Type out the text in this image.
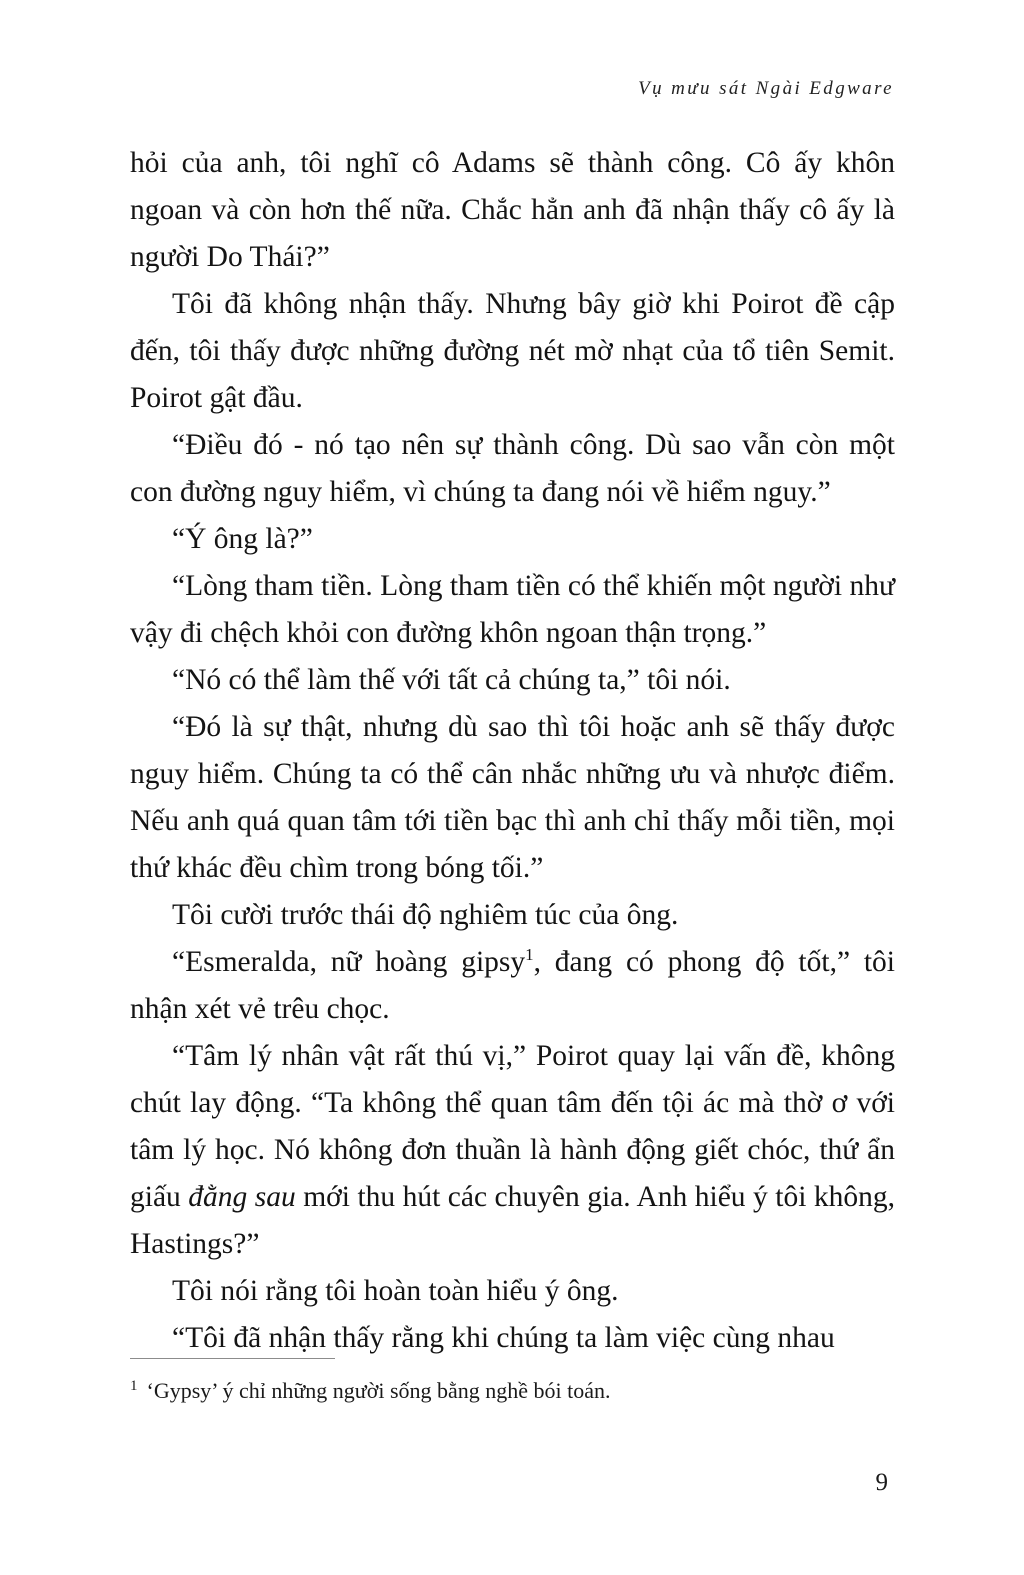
Vụ mưu sát Ngài Edgware

hỏi của anh, tôi nghĩ cô Adams sẽ thành công. Cô ấy khôn ngoan và còn hơn thế nữa. Chắc hẳn anh đã nhận thấy cô ấy là người Do Thái?”

Tôi đã không nhận thấy. Nhưng bây giờ khi Poirot đề cập đến, tôi thấy được những đường nét mờ nhạt của tổ tiên Semit. Poirot gật đầu.

“Điều đó - nó tạo nên sự thành công. Dù sao vẫn còn một con đường nguy hiểm, vì chúng ta đang nói về hiểm nguy.”

“Ý ông là?”

“Lòng tham tiền. Lòng tham tiền có thể khiến một người như vậy đi chệch khỏi con đường khôn ngoan thận trọng.”

“Nó có thể làm thế với tất cả chúng ta,” tôi nói.

“Đó là sự thật, nhưng dù sao thì tôi hoặc anh sẽ thấy được nguy hiểm. Chúng ta có thể cân nhắc những ưu và nhược điểm. Nếu anh quá quan tâm tới tiền bạc thì anh chỉ thấy mỗi tiền, mọi thứ khác đều chìm trong bóng tối.”

Tôi cười trước thái độ nghiêm túc của ông.

“Esmeralda, nữ hoàng gipsy$^1$, đang có phong độ tốt,” tôi nhận xét vẻ trêu chọc.

“Tâm lý nhân vật rất thú vị,” Poirot quay lại vấn đề, không chút lay động. “Ta không thể quan tâm đến tội ác mà thờ ơ với tâm lý học. Nó không đơn thuần là hành động giết chóc, thứ ẩn giấu đằng sau mới thu hút các chuyên gia. Anh hiểu ý tôi không, Hastings?”

Tôi nói rằng tôi hoàn toàn hiểu ý ông.

“Tôi đã nhận thấy rằng khi chúng ta làm việc cùng nhau

$^1$ ‘Gypsy’ ý chỉ những người sống bằng nghề bói toán.
9
